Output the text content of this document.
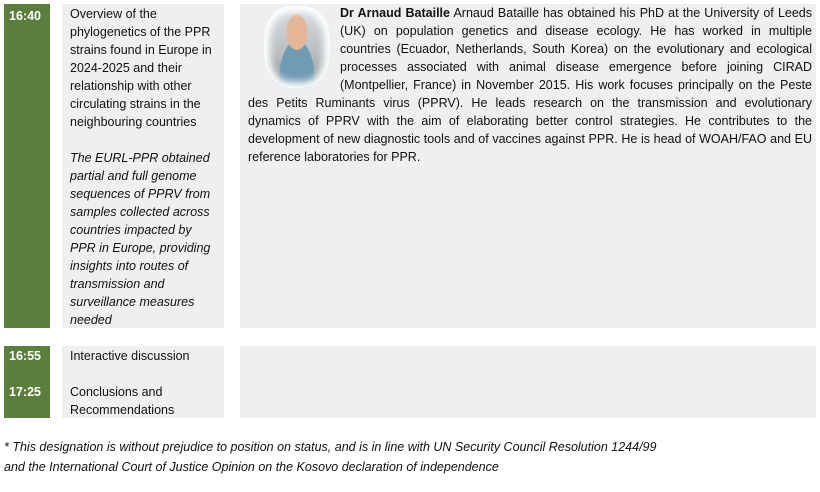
16:40	Overview of the phylogenetics of the PPR strains found in Europe in 2024-2025 and their relationship with other circulating strains in the neighbouring countries
The EURL-PPR obtained partial and full genome sequences of PPRV from samples collected across countries impacted by PPR in Europe, providing insights into routes of transmission and surveillance measures needed
Dr Arnaud Bataille Arnaud Bataille has obtained his PhD at the University of Leeds (UK) on population genetics and disease ecology. He has worked in multiple countries (Ecuador, Netherlands, South Korea) on the evolutionary and ecological processes associated with animal disease emergence before joining CIRAD (Montpellier, France) in November 2015. His work focuses principally on the Peste des Petits Ruminants virus (PPRV). He leads research on the transmission and evolutionary dynamics of PPRV with the aim of elaborating better control strategies. He contributes to the development of new diagnostic tools and of vaccines against PPR. He is head of WOAH/FAO and EU reference laboratories for PPR.
16:55
17:25
Interactive discussion
Conclusions and Recommendations
* This designation is without prejudice to position on status, and is in line with UN Security Council Resolution 1244/99
and the International Court of Justice Opinion on the Kosovo declaration of independence
